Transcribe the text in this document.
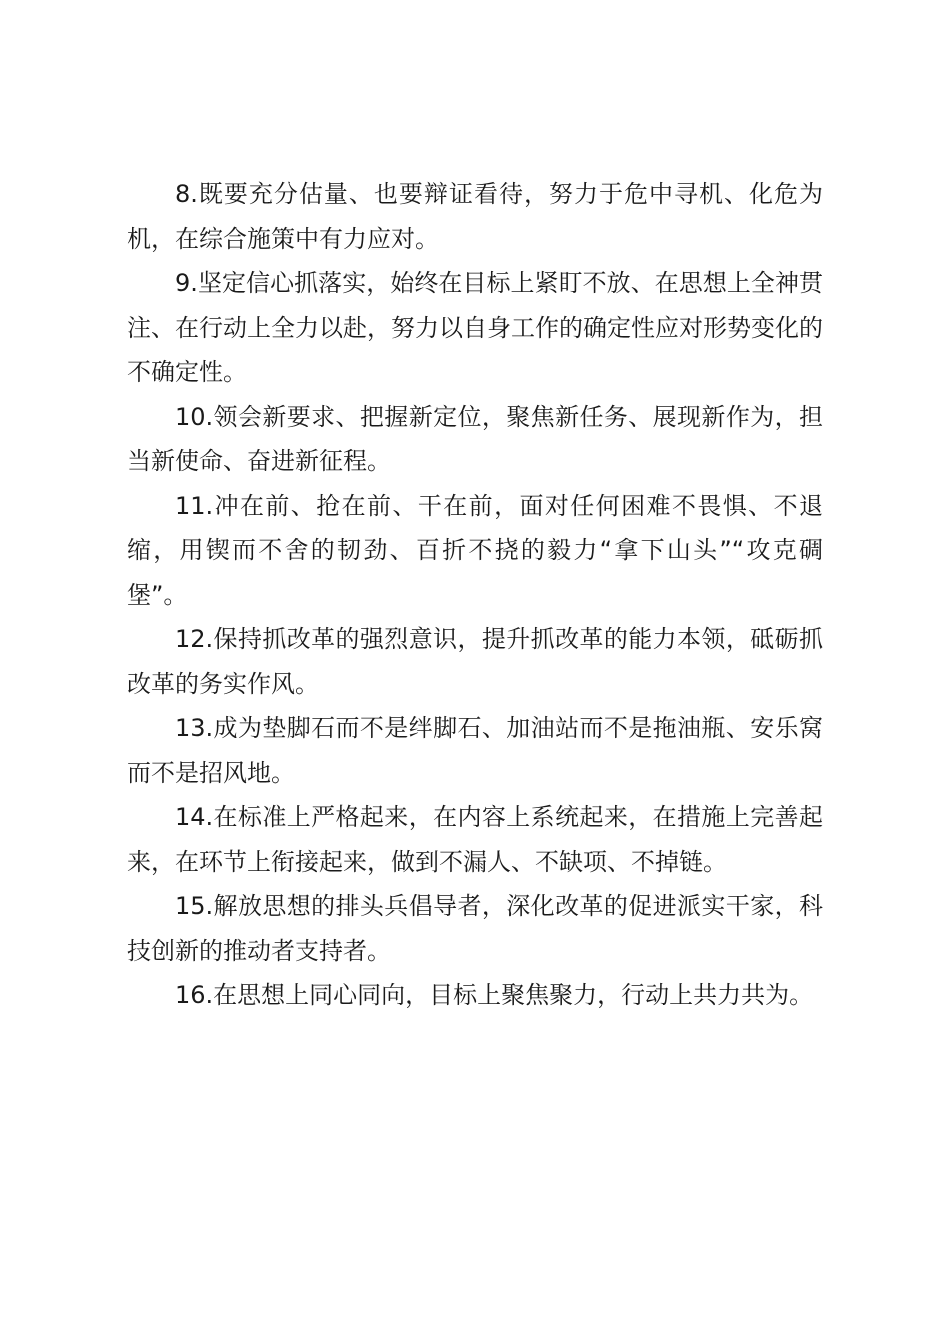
8.既要充分估量、也要辩证看待，努力于危中寻机、化危为机，在综合施策中有力应对。

9.坚定信心抓落实，始终在目标上紧盯不放、在思想上全神贯注、在行动上全力以赴，努力以自身工作的确定性应对形势变化的不确定性。

10.领会新要求、把握新定位，聚焦新任务、展现新作为，担当新使命、奋进新征程。

11.冲在前、抢在前、干在前，面对任何困难不畏惧、不退缩，用锲而不舍的韧劲、百折不挠的毅力“拿下山头”“攻克碉堡”。

12.保持抓改革的强烈意识，提升抓改革的能力本领，砥砺抓改革的务实作风。

13.成为垫脚石而不是绊脚石、加油站而不是拖油瓶、安乐窝而不是招风地。

14.在标准上严格起来，在内容上系统起来，在措施上完善起来，在环节上衔接起来，做到不漏人、不缺项、不掉链。

15.解放思想的排头兵倡导者，深化改革的促进派实干家，科技创新的推动者支持者。

16.在思想上同心同向，目标上聚焦聚力，行动上共力共为。
